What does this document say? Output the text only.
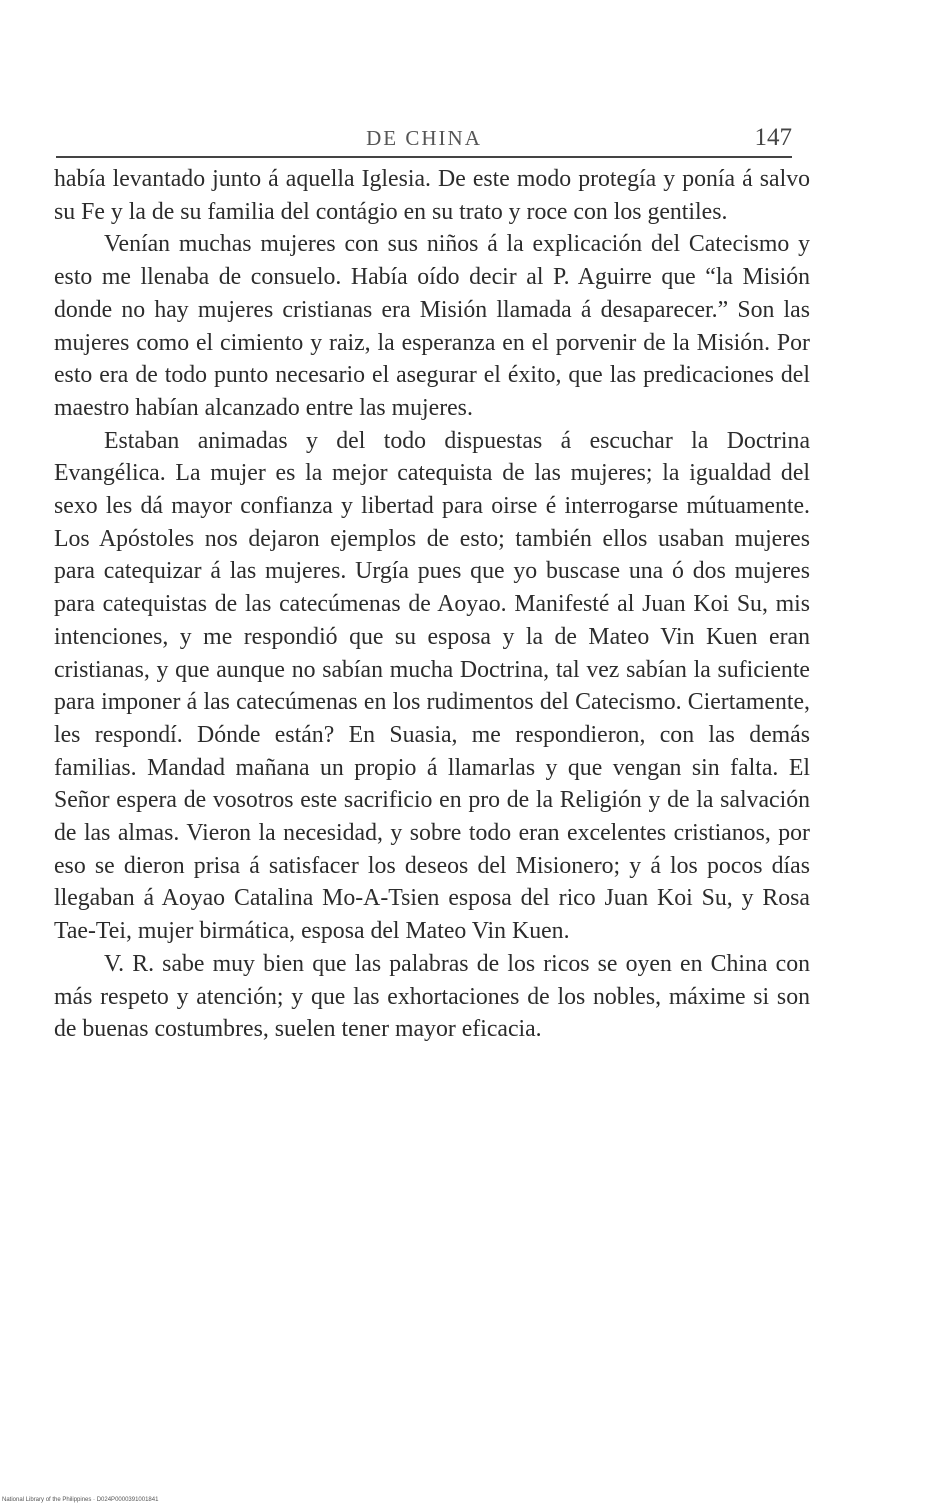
DE CHINA	147

había levantado junto á aquella Iglesia. De este modo protegía y ponía á salvo su Fe y la de su familia del contágio en su trato y roce con los gentiles.

Venían muchas mujeres con sus niños á la explicación del Catecismo y esto me llenaba de consuelo. Había oído decir al P. Aguirre que “la Misión donde no hay mujeres cristianas era Misión llamada á desaparecer.” Son las mujeres como el cimiento y raiz, la esperanza en el porvenir de la Misión. Por esto era de todo punto necesario el asegurar el éxito, que las predicaciones del maestro habían alcanzado entre las mujeres.

Estaban animadas y del todo dispuestas á escuchar la Doctrina Evangélica. La mujer es la mejor catequista de las mujeres; la igualdad del sexo les dá mayor confianza y libertad para oirse é interrogarse mútuamente. Los Apóstoles nos dejaron ejemplos de esto; también ellos usaban mujeres para catequizar á las mujeres. Urgía pues que yo buscase una ó dos mujeres para catequistas de las catecúmenas de Aoyao. Manifesté al Juan Koi Su, mis intenciones, y me respondió que su esposa y la de Mateo Vin Kuen eran cristianas, y que aunque no sabían mucha Doctrina, tal vez sabían la suficiente para imponer á las catecúmenas en los rudimentos del Catecismo. Ciertamente, les respondí. Dónde están? En Suasia, me respondieron, con las demás familias. Mandad mañana un propio á llamarlas y que vengan sin falta. El Señor espera de vosotros este sacrificio en pro de la Religión y de la salvación de las almas. Vieron la necesidad, y sobre todo eran excelentes cristianos, por eso se dieron prisa á satisfacer los deseos del Misionero; y á los pocos días llegaban á Aoyao Catalina Mo-A-Tsien esposa del rico Juan Koi Su, y Rosa Tae-Tei, mujer birmática, esposa del Mateo Vin Kuen.

V. R. sabe muy bien que las palabras de los ricos se oyen en China con más respeto y atención; y que las exhortaciones de los nobles, máxime si son de buenas costumbres, suelen tener mayor eficacia.

National Library of the Philippines · D024P0000391001841
